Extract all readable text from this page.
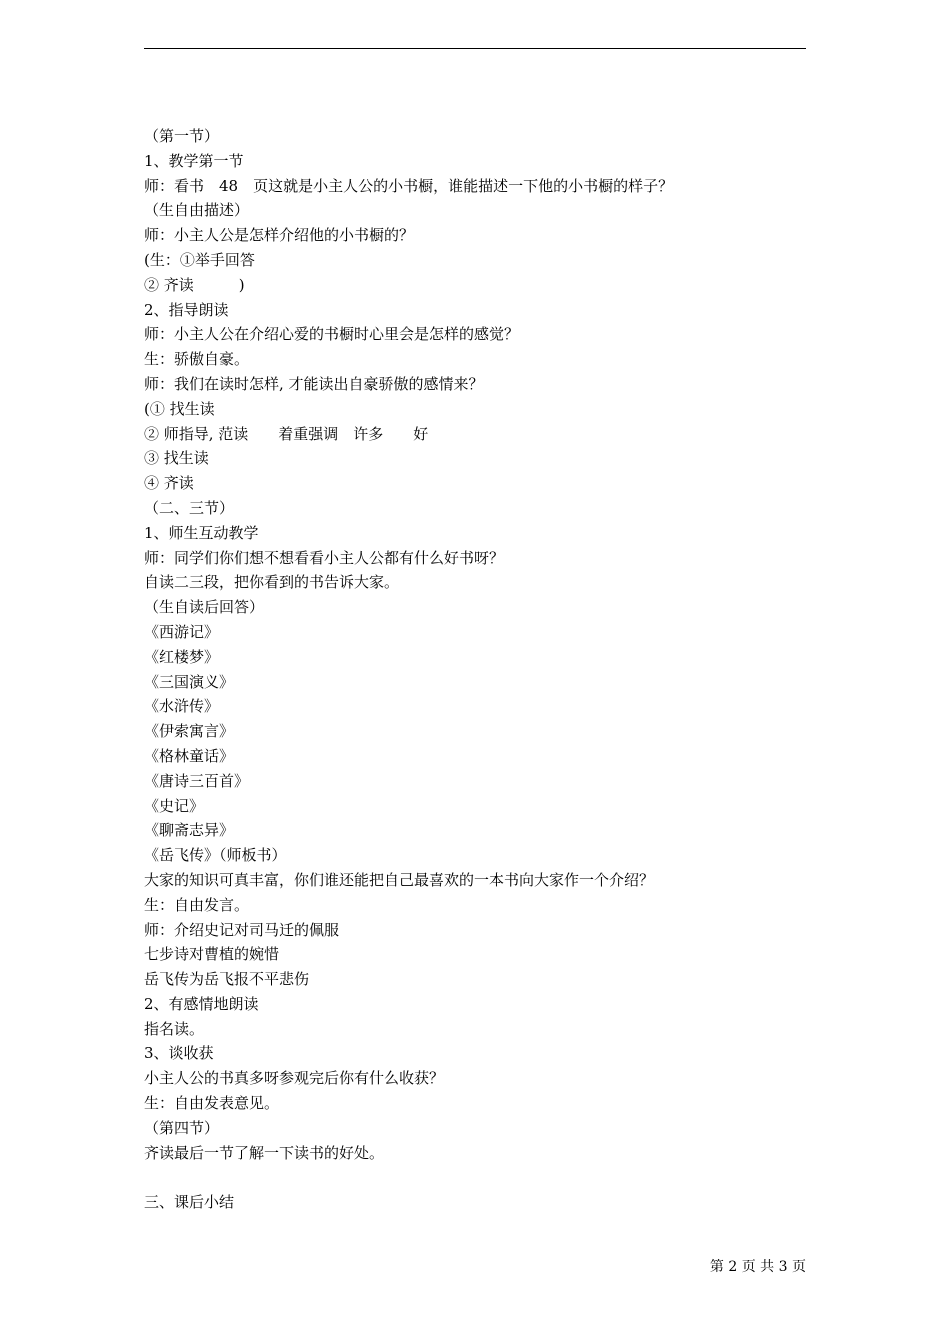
（第一节）
1、教学第一节
师：看书　48　页这就是小主人公的小书橱，谁能描述一下他的小书橱的样子？
（生自由描述）
师：小主人公是怎样介绍他的小书橱的？
(生：①举手回答
② 齐读　　　)
2、指导朗读
师：小主人公在介绍心爱的书橱时心里会是怎样的感觉？
生：骄傲自豪。
师：我们在读时怎样, 才能读出自豪骄傲的感情来？
(① 找生读
② 师指导, 范读　　着重强调　许多　　好
③ 找生读
④ 齐读
（二、三节）
1、师生互动教学
师：同学们你们想不想看看小主人公都有什么好书呀？
自读二三段，把你看到的书告诉大家。
（生自读后回答）
《西游记》
《红楼梦》
《三国演义》
《水浒传》
《伊索寓言》
《格林童话》
《唐诗三百首》
《史记》
《聊斋志异》
《岳飞传》（师板书）
大家的知识可真丰富，你们谁还能把自己最喜欢的一本书向大家作一个介绍？
生：自由发言。
师：介绍史记对司马迁的佩服
七步诗对曹植的婉惜
岳飞传为岳飞报不平悲伤
2、有感情地朗读
指名读。
3、谈收获
小主人公的书真多呀参观完后你有什么收获？
生：自由发表意见。
（第四节）
齐读最后一节了解一下读书的好处。
三、课后小结
第 2 页 共 3 页
